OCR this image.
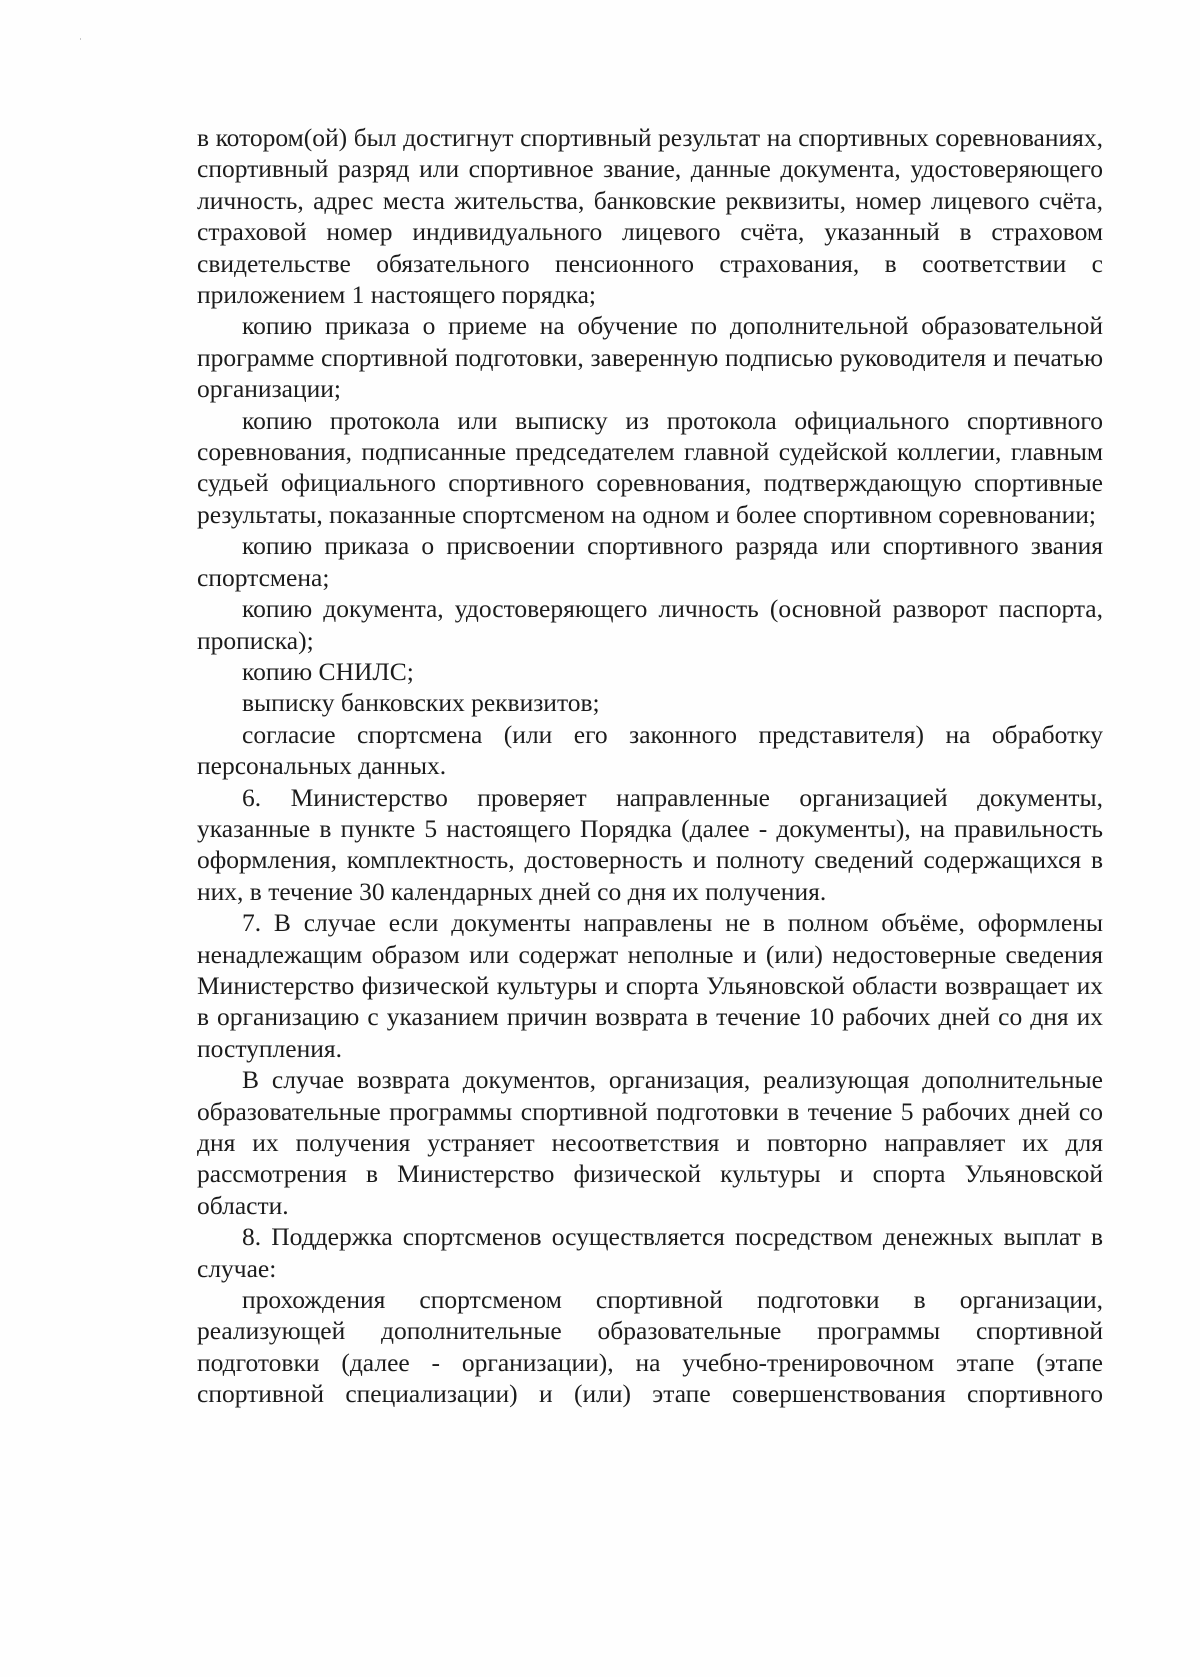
в котором(ой) был достигнут спортивный результат на спортивных соревнованиях, спортивный разряд или спортивное звание, данные документа, удостоверяющего личность, адрес места жительства, банковские реквизиты, номер лицевого счёта, страховой номер индивидуального лицевого счёта, указанный в страховом свидетельстве обязательного пенсионного страхования, в соответствии с приложением 1 настоящего порядка;

копию приказа о приеме на обучение по дополнительной образовательной программе спортивной подготовки, заверенную подписью руководителя и печатью организации;

копию протокола или выписку из протокола официального спортивного соревнования, подписанные председателем главной судейской коллегии, главным судьей официального спортивного соревнования, подтверждающую спортивные результаты, показанные спортсменом на одном и более спортивном соревновании;

копию приказа о присвоении спортивного разряда или спортивного звания спортсмена;

копию документа, удостоверяющего личность (основной разворот паспорта, прописка);

копию СНИЛС;

выписку банковских реквизитов;

согласие спортсмена (или его законного представителя) на обработку персональных данных.

6. Министерство проверяет направленные организацией документы, указанные в пункте 5 настоящего Порядка (далее - документы), на правильность оформления, комплектность, достоверность и полноту сведений содержащихся в них, в течение 30 календарных дней со дня их получения.

7. В случае если документы направлены не в полном объёме, оформлены ненадлежащим образом или содержат неполные и (или) недостоверные сведения Министерство физической культуры и спорта Ульяновской области возвращает их в организацию с указанием причин возврата в течение 10 рабочих дней со дня их поступления.

В случае возврата документов, организация, реализующая дополнительные образовательные программы спортивной подготовки в течение 5 рабочих дней со дня их получения устраняет несоответствия и повторно направляет их для рассмотрения в Министерство физической культуры и спорта Ульяновской области.

8. Поддержка спортсменов осуществляется посредством денежных выплат в случае:

прохождения спортсменом спортивной подготовки в организации, реализующей дополнительные образовательные программы спортивной подготовки (далее - организации), на учебно-тренировочном этапе (этапе спортивной специализации) и (или) этапе совершенствования спортивного
